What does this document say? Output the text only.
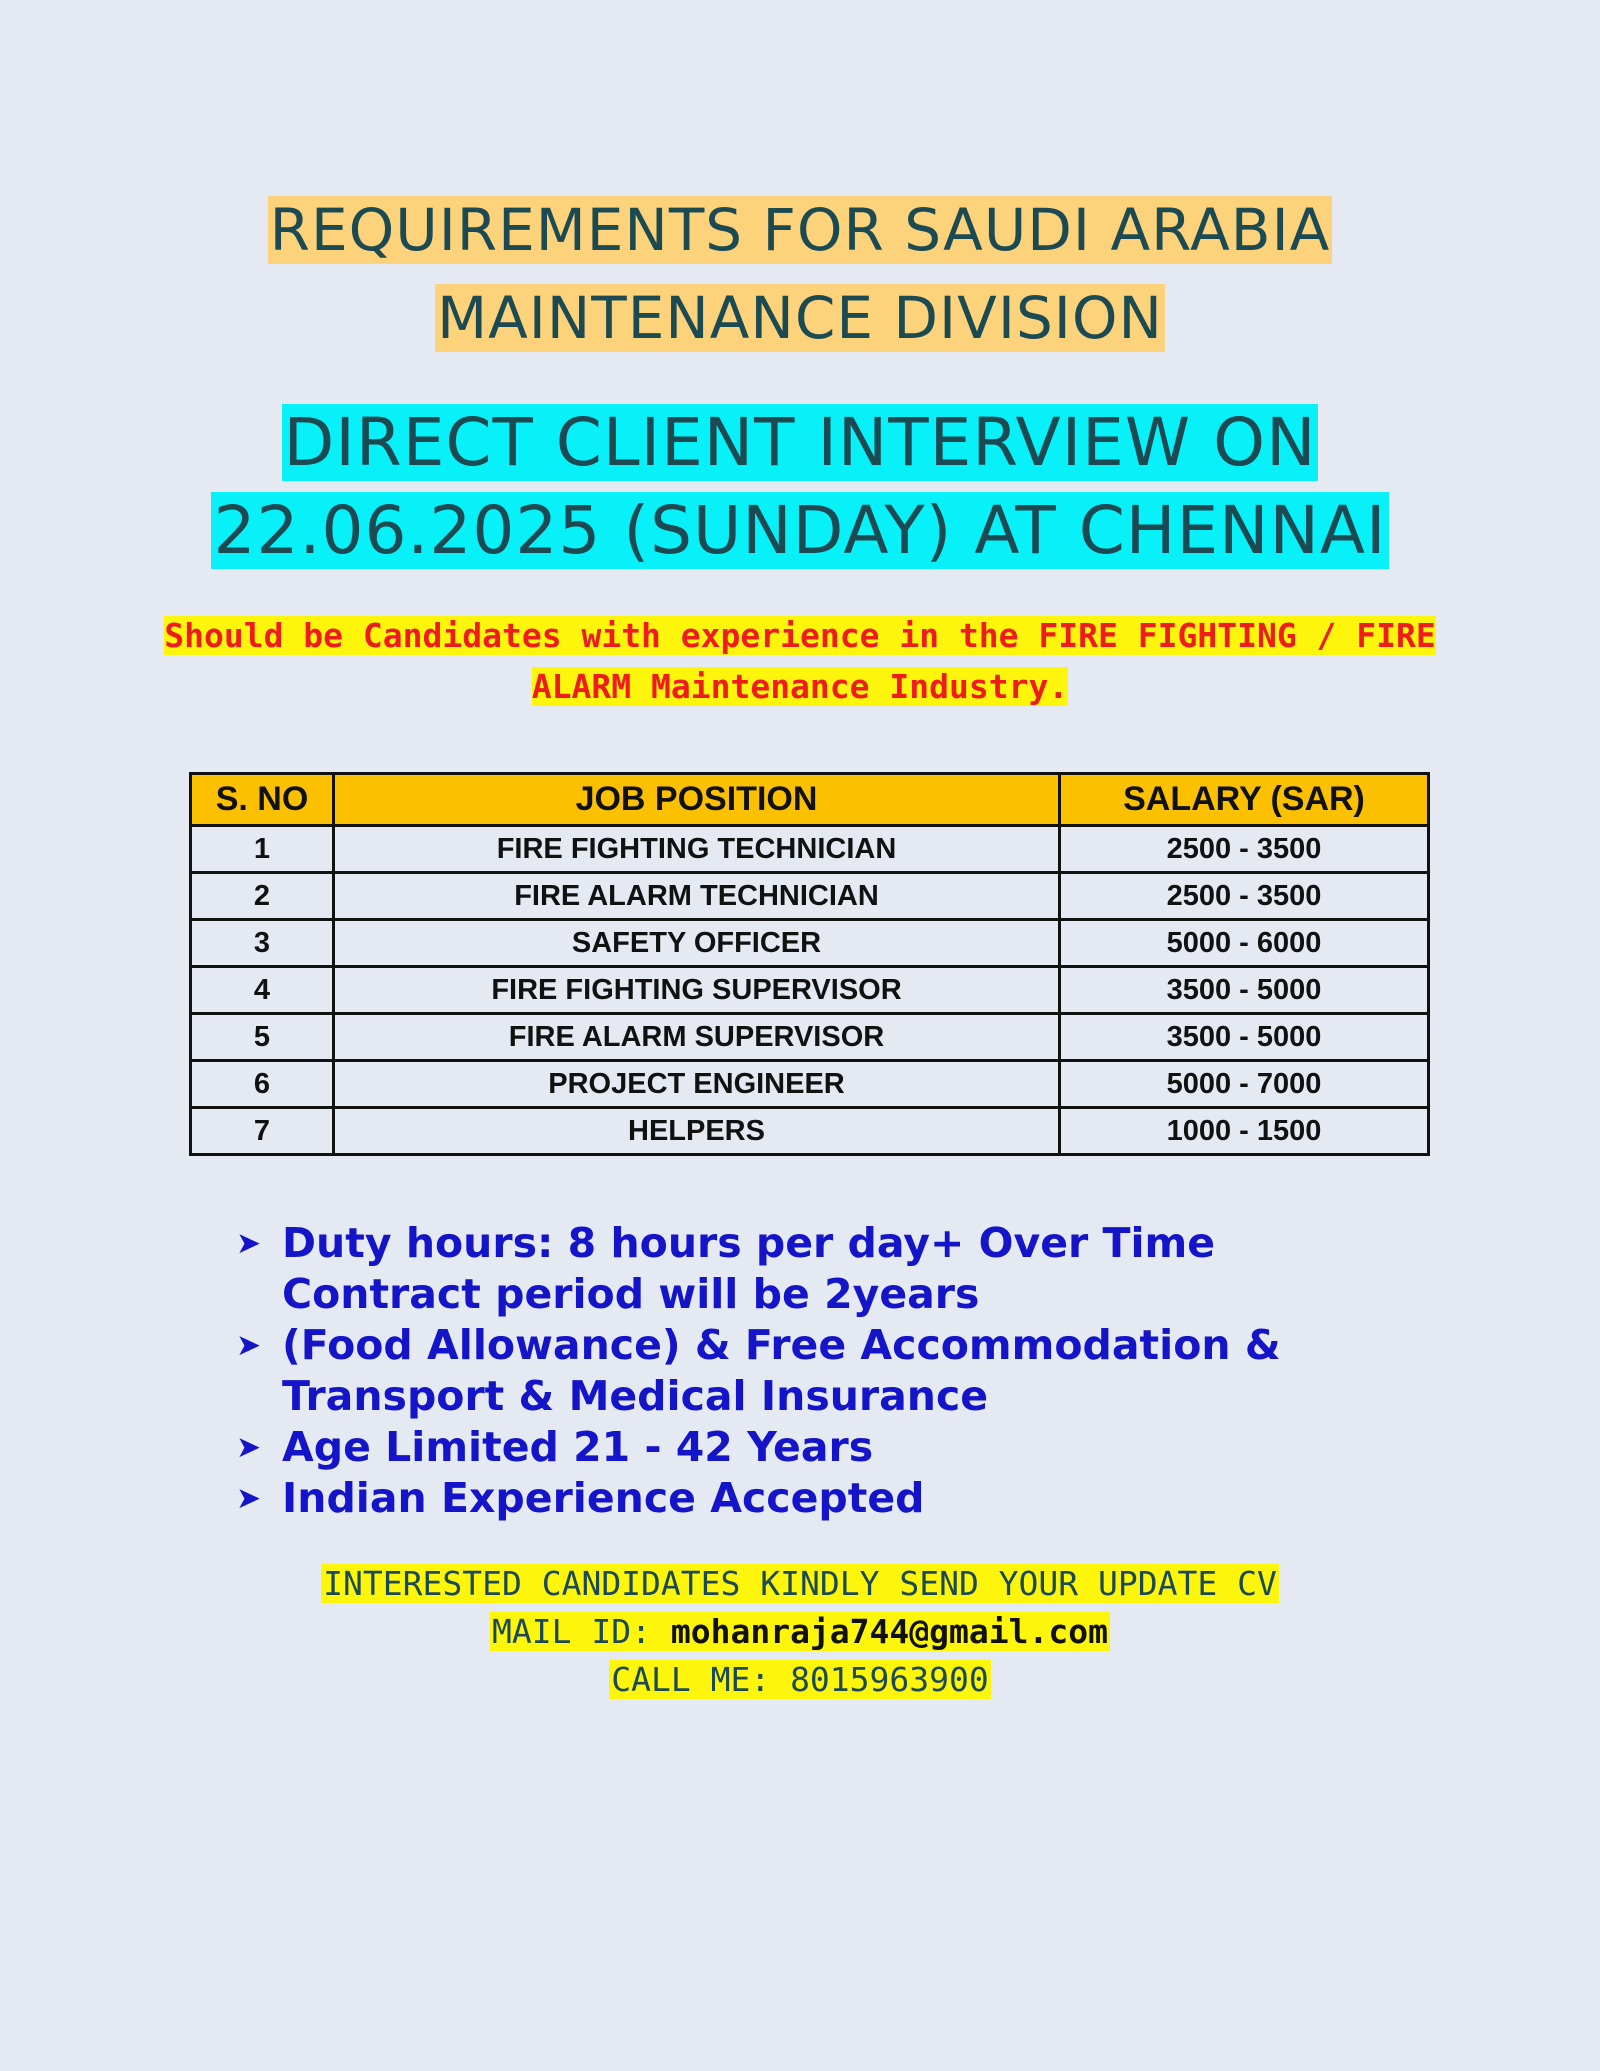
REQUIREMENTS FOR SAUDI ARABIA
MAINTENANCE DIVISION
DIRECT CLIENT INTERVIEW ON
22.06.2025 (SUNDAY) AT CHENNAI
Should be Candidates with experience in the FIRE FIGHTING / FIRE
ALARM Maintenance Industry.
S. NO	JOB POSITION	SALARY (SAR)
1	FIRE FIGHTING TECHNICIAN	2500 - 3500
2	FIRE ALARM TECHNICIAN	2500 - 3500
3	SAFETY OFFICER	5000 - 6000
4	FIRE FIGHTING SUPERVISOR	3500 - 5000
5	FIRE ALARM SUPERVISOR	3500 - 5000
6	PROJECT ENGINEER	5000 - 7000
7	HELPERS	1000 - 1500
➤ Duty hours: 8 hours per day+ Over Time
Contract period will be 2years
➤ (Food Allowance) & Free Accommodation &
Transport & Medical Insurance
➤ Age Limited 21 - 42 Years
➤ Indian Experience Accepted
INTERESTED CANDIDATES KINDLY SEND YOUR UPDATE CV
MAIL ID: mohanraja744@gmail.com
CALL ME: 8015963900
